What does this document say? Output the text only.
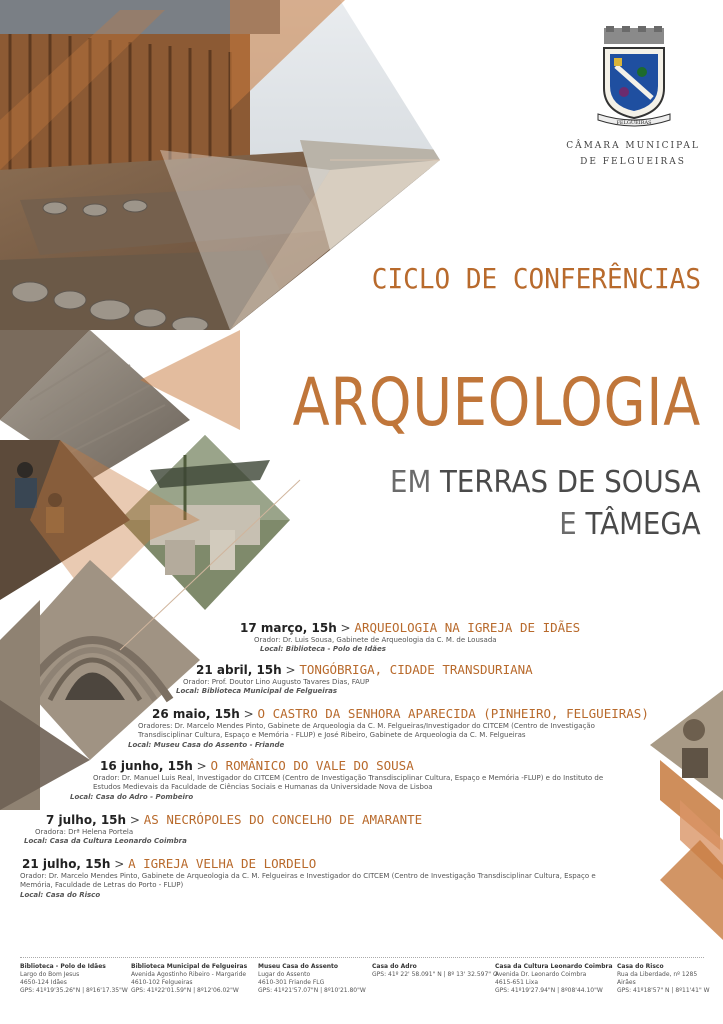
FELGUEIRAS
CÂMARA MUNICIPAL
DE FELGUEIRAS
CICLO DE CONFERÊNCIAS
ARQUEOLOGIA
EM TERRAS DE SOUSA
E TÂMEGA
17 março, 15h > ARQUEOLOGIA NA IGREJA DE IDÃES
Orador: Dr. Luis Sousa, Gabinete de Arqueologia da C. M. de Lousada
Local: Biblioteca - Polo de Idães
21 abril, 15h > TONGÓBRIGA, CIDADE TRANSDURIANA
Orador: Prof. Doutor Lino Augusto Tavares Dias, FAUP
Local: Biblioteca Municipal de Felgueiras
26 maio, 15h > O CASTRO DA SENHORA APARECIDA (PINHEIRO, FELGUEIRAS)
Oradores: Dr. Marcelo Mendes Pinto, Gabinete de Arqueologia da C. M. Felgueiras/Investigador do CITCEM (Centro de Investigação Transdisciplinar Cultura, Espaço e Memória - FLUP) e José Ribeiro, Gabinete de Arqueologia da C. M. Felgueiras
Local: Museu Casa do Assento - Friande
16 junho, 15h > O ROMÂNICO DO VALE DO SOUSA
Orador: Dr. Manuel Luis Real, Investigador do CITCEM (Centro de Investigação Transdisciplinar Cultura, Espaço e Memória -FLUP) e do Instituto de Estudos Medievais da Faculdade de Ciências Sociais e Humanas da Universidade Nova de Lisboa
Local: Casa do Adro - Pombeiro
7 julho, 15h > AS NECRÓPOLES DO CONCELHO DE AMARANTE
Oradora: Drª Helena Portela
Local: Casa da Cultura Leonardo Coimbra
21 julho, 15h > A IGREJA VELHA DE LORDELO
Orador: Dr. Marcelo Mendes Pinto, Gabinete de Arqueologia da C. M. Felgueiras e Investigador do CITCEM (Centro de Investigação Transdisciplinar Cultura, Espaço e Memória, Faculdade de Letras do Porto - FLUP)
Local: Casa do Risco
Biblioteca - Polo de Idães
Largo do Bom Jesus
4650-124 Idães
GPS: 41º19'35.26"N | 8º16'17.35"W
Biblioteca Municipal de Felgueiras
Avenida Agostinho Ribeiro - Margaride
4610-102 Felgueiras
GPS: 41º22'01.59"N | 8º12'06.02"W
Museu Casa do Assento
Lugar do Assento
4610-301 Friande FLG
GPS: 41º21'57.07"N | 8º10'21.80"W
Casa do Adro
GPS: 41º 22' 58.091" N | 8º 13' 32.597" O
Casa da Cultura Leonardo Coimbra
Avenida Dr. Leonardo Coimbra
4615-651 Lixa
GPS: 41º19'27.94"N | 8º08'44.10"W
Casa do Risco
Rua da Liberdade, nº 1285
Airães
GPS: 41º18'57" N | 8º11'41" W
